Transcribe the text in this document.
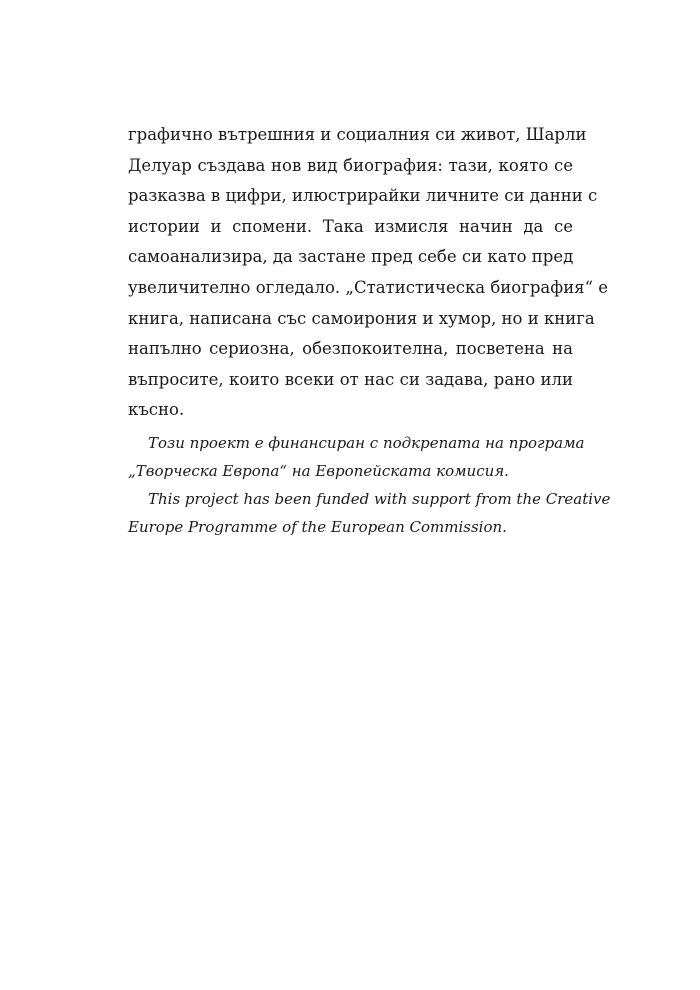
графично вътрешния и социалния си живот, Шарли
Делуар създава нов вид биография: тази, която се
разказва в цифри, илюстрирайки личните си данни с
истории и спомени. Така измисля начин да се
самоанализира, да застане пред себе си като пред
увеличително огледало. „Статистическа биография“ е
книга, написана със самоирония и хумор, но и книга
напълно сериозна, обезпокоителна, посветена на
въпросите, които всеки от нас си задава, рано или
късно.
Този проект е финансиран с подкрепата на програма
„Творческа Европа“ на Европейската комисия.
This project has been funded with support from the Creative
Europe Programme of the European Commission.
